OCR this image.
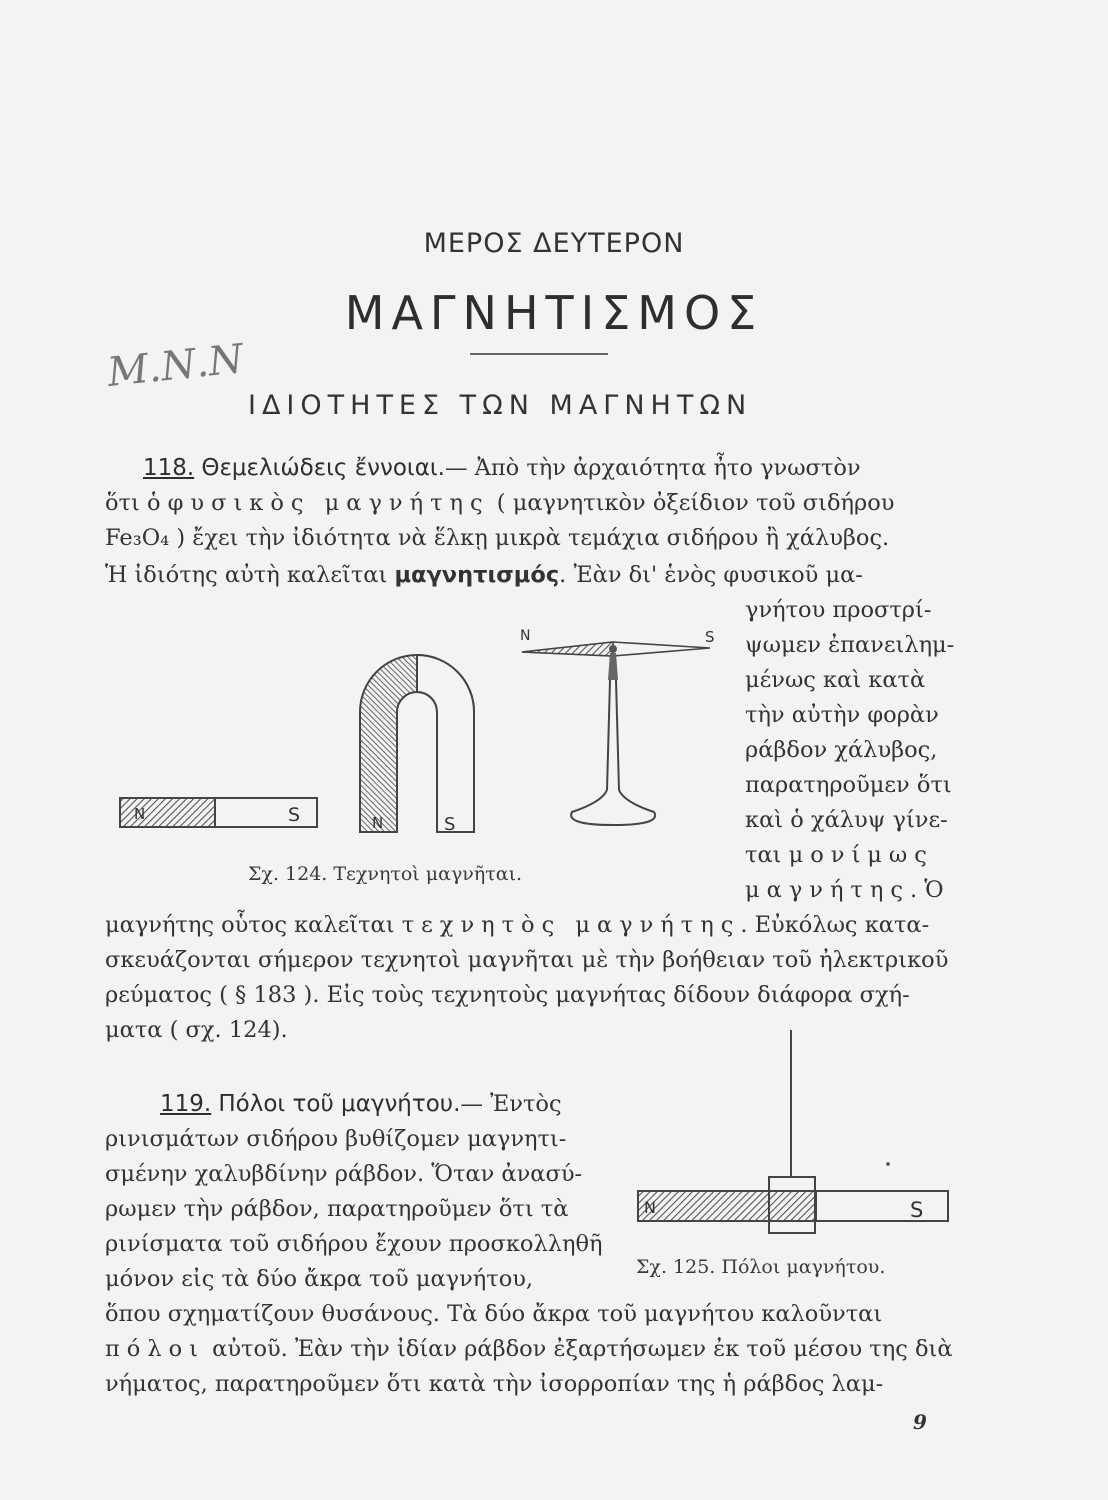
ΜΕΡΟΣ ΔΕΥΤΕΡΟΝ
ΜΑΓΝΗΤΙΣΜΟΣ
Μ.Ν.Ν
ΙΔΙΟΤΗΤΕΣ ΤΩΝ ΜΑΓΝΗΤΩΝ
118. Θεμελιώδεις ἔννοιαι.— Ἀπὸ τὴν ἀρχαιότητα ἦτο γνωστὸν
ὅτι ὁ φυσικὸς μαγνήτης ( μαγνητικὸν ὀξείδιον τοῦ σιδήρου
Fe₃O₄ ) ἔχει τὴν ἰδιότητα νὰ ἕλκῃ μικρὰ τεμάχια σιδήρου ἢ χάλυβος.
Ἡ ἰδιότης αὐτὴ καλεῖται μαγνητισμός. Ἐὰν δι' ἑνὸς φυσικοῦ μα-
γνήτου προστρί-
ψωμεν ἐπανειλημ-
μένως καὶ κατὰ
τὴν αὐτὴν φορὰν
ράβδον χάλυβος,
παρατηροῦμεν ὅτι
καὶ ὁ χάλυψ γίνε-
ται μονίμως
μαγνήτης. Ὁ
μαγνήτης οὗτος καλεῖται τεχνητὸς μαγνήτης. Εὐκόλως κατα-
σκευάζονται σήμερον τεχνητοὶ μαγνῆται μὲ τὴν βοήθειαν τοῦ ἠλεκτρικοῦ
ρεύματος ( § 183 ). Εἰς τοὺς τεχνητοὺς μαγνήτας δίδουν διάφορα σχή-
ματα ( σχ. 124).
N	S	N	S
N	S
Σχ. 124. Τεχνητοὶ μαγνῆται.
119. Πόλοι τοῦ μαγνήτου.— Ἐντὸς
ρινισμάτων σιδήρου βυθίζομεν μαγνητι-
σμένην χαλυβδίνην ράβδον. Ὅταν ἀνασύ-
ρωμεν τὴν ράβδον, παρατηροῦμεν ὅτι τὰ
ρινίσματα τοῦ σιδήρου ἔχουν προσκολληθῆ
μόνον εἰς τὰ δύο ἄκρα τοῦ μαγνήτου,
ὅπου σχηματίζουν θυσάνους. Τὰ δύο ἄκρα τοῦ μαγνήτου καλοῦνται
πόλοι αὐτοῦ. Ἐὰν τὴν ἰδίαν ράβδον ἐξαρτήσωμεν ἐκ τοῦ μέσου της διὰ
νήματος, παρατηροῦμεν ὅτι κατὰ τὴν ἰσορροπίαν της ἡ ράβδος λαμ-
N	S
Σχ. 125. Πόλοι μαγνήτου.
9
